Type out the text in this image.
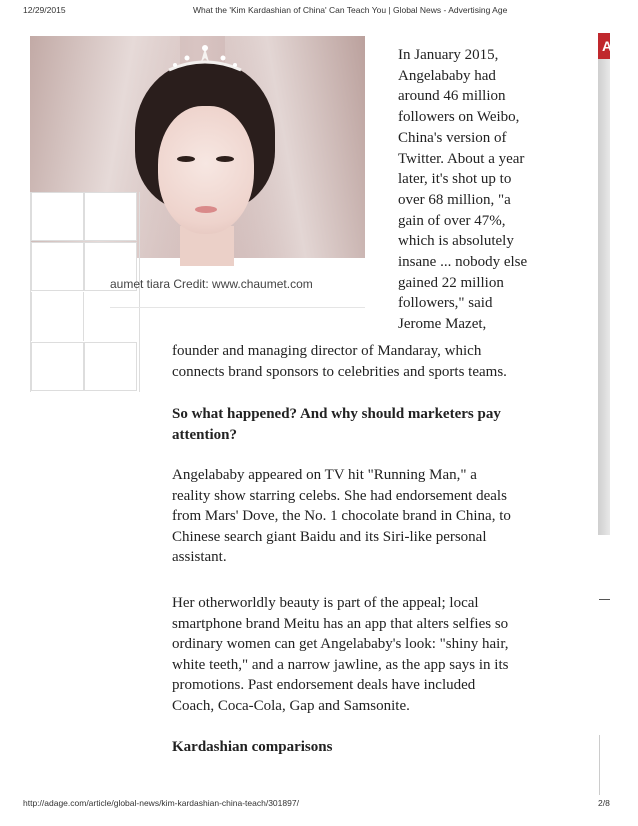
12/29/2015	What the 'Kim Kardashian of China' Can Teach You | Global News - Advertising Age
aumet tiara Credit: www.chaumet.com

In January 2015,

Angelababy had

around 46 million

followers on Weibo,

China's version of

Twitter. About a year

later, it's shot up to

over 68 million, "a

gain of over 47%,

which is absolutely

insane ... nobody else

gained 22 million

followers," said

Jerome Mazet,

founder and managing director of Mandaray, which
connects brand sponsors to celebrities and sports teams.
So what happened? And why should marketers pay
attention?
Angelababy appeared on TV hit "Running Man," a
reality show starring celebs. She had endorsement deals
from Mars' Dove, the No. 1 chocolate brand in China, to
Chinese search giant Baidu and its Siri-like personal
assistant.
Her otherworldly beauty is part of the appeal; local
smartphone brand Meitu has an app that alters selfies so
ordinary women can get Angelababy's look: "shiny hair,
white teeth," and a narrow jawline, as the app says in its
promotions. Past endorsement deals have included
Coach, Coca-Cola, Gap and Samsonite.
Kardashian comparisons
A
http://adage.com/article/global-news/kim-kardashian-china-teach/301897/	2/8
